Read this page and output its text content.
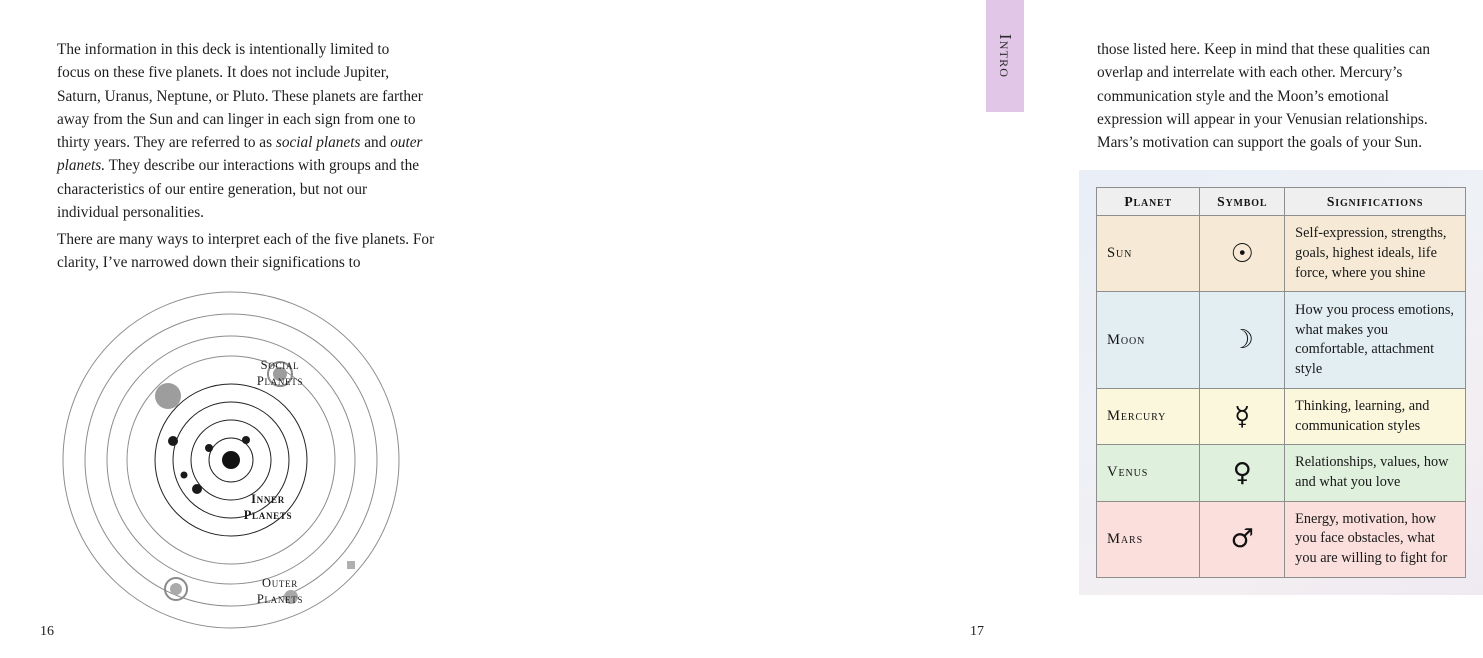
The information in this deck is intentionally limited to focus on these five planets. It does not include Jupiter, Saturn, Uranus, Neptune, or Pluto. These planets are farther away from the Sun and can linger in each sign from one to thirty years. They are referred to as social planets and outer planets. They describe our interactions with groups and the characteristics of our entire generation, but not our individual personalities.

There are many ways to interpret each of the five planets. For clarity, I’ve narrowed down their significations to

Social
Planets
Inner
Planets
Outer
Planets
16
Intro	those listed here. Keep in mind that these qualities can overlap and interrelate with each other. Mercury’s communication style and the Moon’s emotional expression will appear in your Venusian relationships. Mars’s motivation can support the goals of your Sun.

Planet	Symbol	Significations
Sun	☉	Self-expression, strengths, goals, highest ideals, life force, where you shine
Moon	☽	How you process emotions, what makes you comfortable, attachment style
Mercury	☿	Thinking, learning, and communication styles
Venus	♀	Relationships, values, how and what you love
Mars	♂	Energy, motivation, how you face obstacles, what you are willing to fight for
17
